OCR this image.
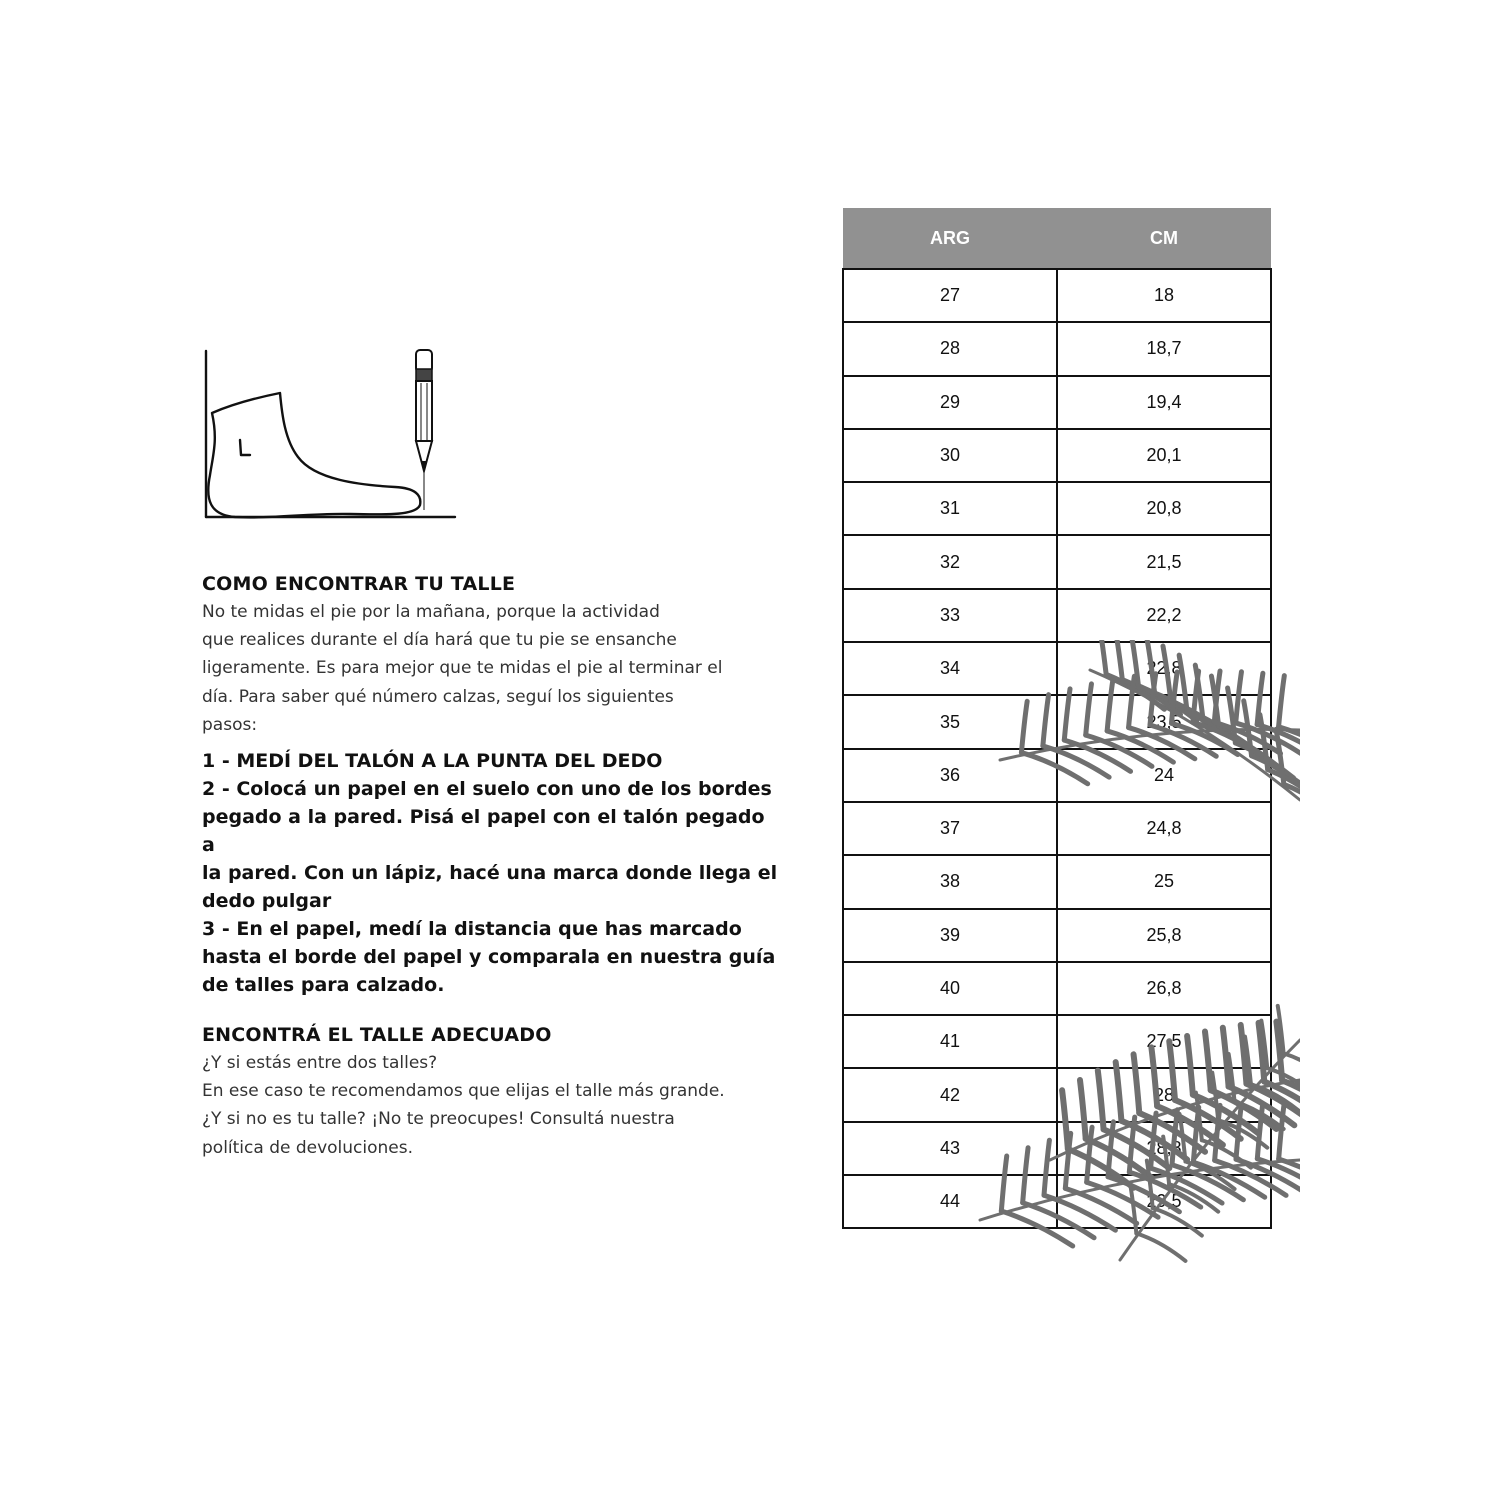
COMO ENCONTRAR TU TALLE

No te midas el pie por la mañana, porque la actividad

que realices durante el día hará que tu pie se ensanche

ligeramente. Es para mejor que te midas el pie al terminar el

día. Para saber qué número calzas, seguí los siguientes

pasos:

1 - MEDÍ DEL TALÓN A LA PUNTA DEL DEDO

2 - Colocá un papel en el suelo con uno de los bordes

pegado a la pared. Pisá el papel con el talón pegado a

la pared. Con un lápiz, hacé una marca donde llega el

dedo pulgar

3 - En el papel, medí la distancia que has marcado

hasta el borde del papel y comparala en nuestra guía

de talles para calzado.

ENCONTRÁ EL TALLE ADECUADO

¿Y si estás entre dos talles?

En ese caso te recomendamos que elijas el talle más grande.

¿Y si no es tu talle? ¡No te preocupes! Consultá nuestra

política de devoluciones.

ARG	CM
27	18
28	18,7
29	19,4
30	20,1
31	20,8
32	21,5
33	22,2
34	22,8
35	23,5
36	24
37	24,8
38	25
39	25,8
40	26,8
41	27,5
42	28
43	28,8
44	29,5
